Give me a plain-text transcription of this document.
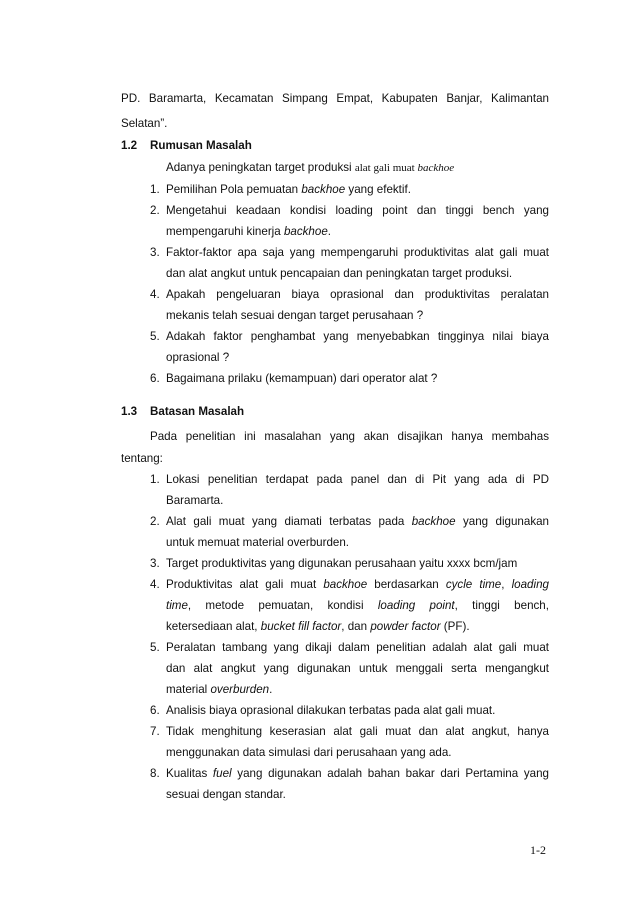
PD. Baramarta, Kecamatan Simpang Empat, Kabupaten Banjar, Kalimantan
Selatan”.
1.2 Rumusan Masalah
Adanya peningkatan target produksi alat gali muat backhoe
1. Pemilihan Pola pemuatan backhoe yang efektif.
2. Mengetahui keadaan kondisi loading point dan tinggi bench yang
mempengaruhi kinerja backhoe.
3. Faktor-faktor apa saja yang mempengaruhi produktivitas alat gali muat
dan alat angkut untuk pencapaian dan peningkatan target produksi.
4. Apakah pengeluaran biaya oprasional dan produktivitas peralatan
mekanis telah sesuai dengan target perusahaan ?
5. Adakah faktor penghambat yang menyebabkan tingginya nilai biaya
oprasional ?
6. Bagaimana prilaku (kemampuan) dari operator alat ?
1.3 Batasan Masalah
Pada penelitian ini masalahan yang akan disajikan hanya membahas
tentang:
1. Lokasi penelitian terdapat pada panel dan di Pit yang ada di PD
Baramarta.
2. Alat gali muat yang diamati terbatas pada backhoe yang digunakan
untuk memuat material overburden.
3. Target produktivitas yang digunakan perusahaan yaitu xxxx bcm/jam
4. Produktivitas alat gali muat backhoe berdasarkan cycle time, loading
time, metode pemuatan, kondisi loading point, tinggi bench,
ketersediaan alat, bucket fill factor, dan powder factor (PF).
5. Peralatan tambang yang dikaji dalam penelitian adalah alat gali muat
dan alat angkut yang digunakan untuk menggali serta mengangkut
material overburden.
6. Analisis biaya oprasional dilakukan terbatas pada alat gali muat.
7. Tidak menghitung keserasian alat gali muat dan alat angkut, hanya
menggunakan data simulasi dari perusahaan yang ada.
8. Kualitas fuel yang digunakan adalah bahan bakar dari Pertamina yang
sesuai dengan standar.
1-2
